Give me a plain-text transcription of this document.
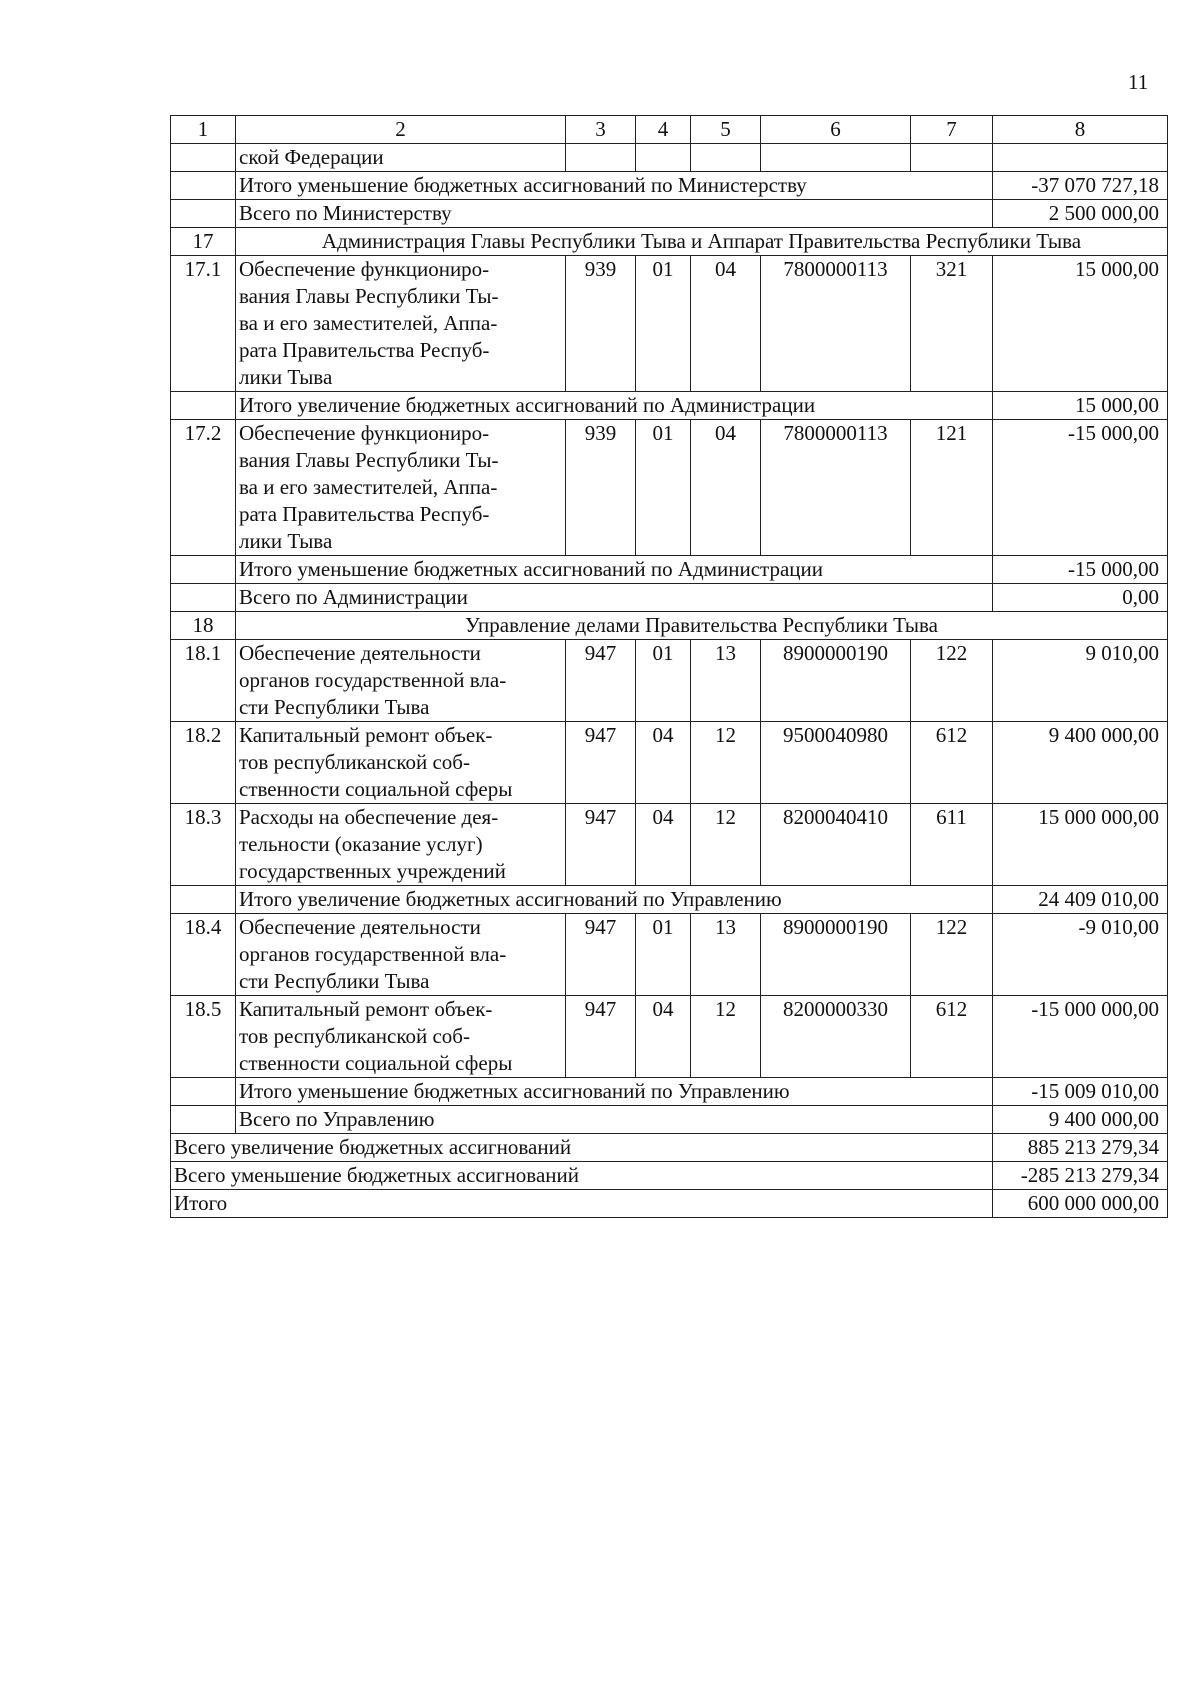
11
1	2	3	4	5	6	7	8
	ской Федерации						
	Итого уменьшение бюджетных ассигнований по Министерству						-37 070 727,18
	Всего по Министерству						2 500 000,00
17	Администрация Главы Республики Тыва и Аппарат Правительства Республики Тыва						
17.1	Обеспечение функциониро-
вания Главы Республики Ты-
ва и его заместителей, Аппа-
рата Правительства Респуб-
лики Тыва	939	01	04	7800000113	321	15 000,00
	Итого увеличение бюджетных ассигнований по Администрации						15 000,00
17.2	Обеспечение функциониро-
вания Главы Республики Ты-
ва и его заместителей, Аппа-
рата Правительства Респуб-
лики Тыва	939	01	04	7800000113	121	-15 000,00
	Итого уменьшение бюджетных ассигнований по Администрации						-15 000,00
	Всего по Администрации						0,00
18	Управление делами Правительства Республики Тыва						
18.1	Обеспечение деятельности
органов государственной вла-
сти Республики Тыва	947	01	13	8900000190	122	9 010,00
18.2	Капитальный ремонт объек-
тов республиканской соб-
ственности социальной сферы	947	04	12	9500040980	612	9 400 000,00
18.3	Расходы на обеспечение дея-
тельности (оказание услуг)
государственных учреждений	947	04	12	8200040410	611	15 000 000,00
	Итого увеличение бюджетных ассигнований по Управлению						24 409 010,00
18.4	Обеспечение деятельности
органов государственной вла-
сти Республики Тыва	947	01	13	8900000190	122	-9 010,00
18.5	Капитальный ремонт объек-
тов республиканской соб-
ственности социальной сферы	947	04	12	8200000330	612	-15 000 000,00
	Итого уменьшение бюджетных ассигнований по Управлению						-15 009 010,00
	Всего по Управлению						9 400 000,00
Всего увеличение бюджетных ассигнований							885 213 279,34
Всего уменьшение бюджетных ассигнований							-285 213 279,34
Итого							600 000 000,00
